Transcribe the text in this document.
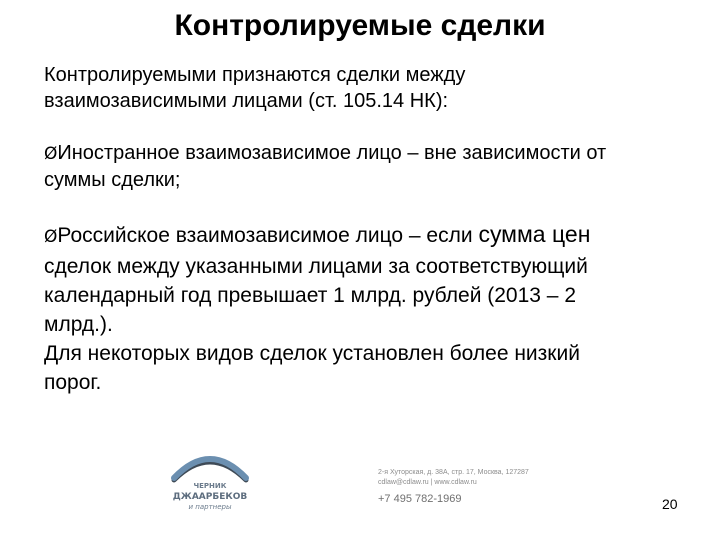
Контролируемые сделки
Контролируемыми признаются сделки между
взаимозависимыми лицами (ст. 105.14 НК):
ØИностранное взаимозависимое лицо – вне зависимости от
суммы сделки;
ØРоссийское взаимозависимое лицо – если сумма цен
сделок между указанными лицами за соответствующий
календарный год превышает 1 млрд. рублей (2013 – 2
млрд.).
Для некоторых видов сделок установлен более низкий
порог.
ЧЕРНИК
ДЖААРБЕКОВ
и партнеры
2-я Хуторская, д. 38А, стр. 17, Москва, 127287
cdlaw@cdlaw.ru | www.cdlaw.ru
+7 495 782-1969	20
